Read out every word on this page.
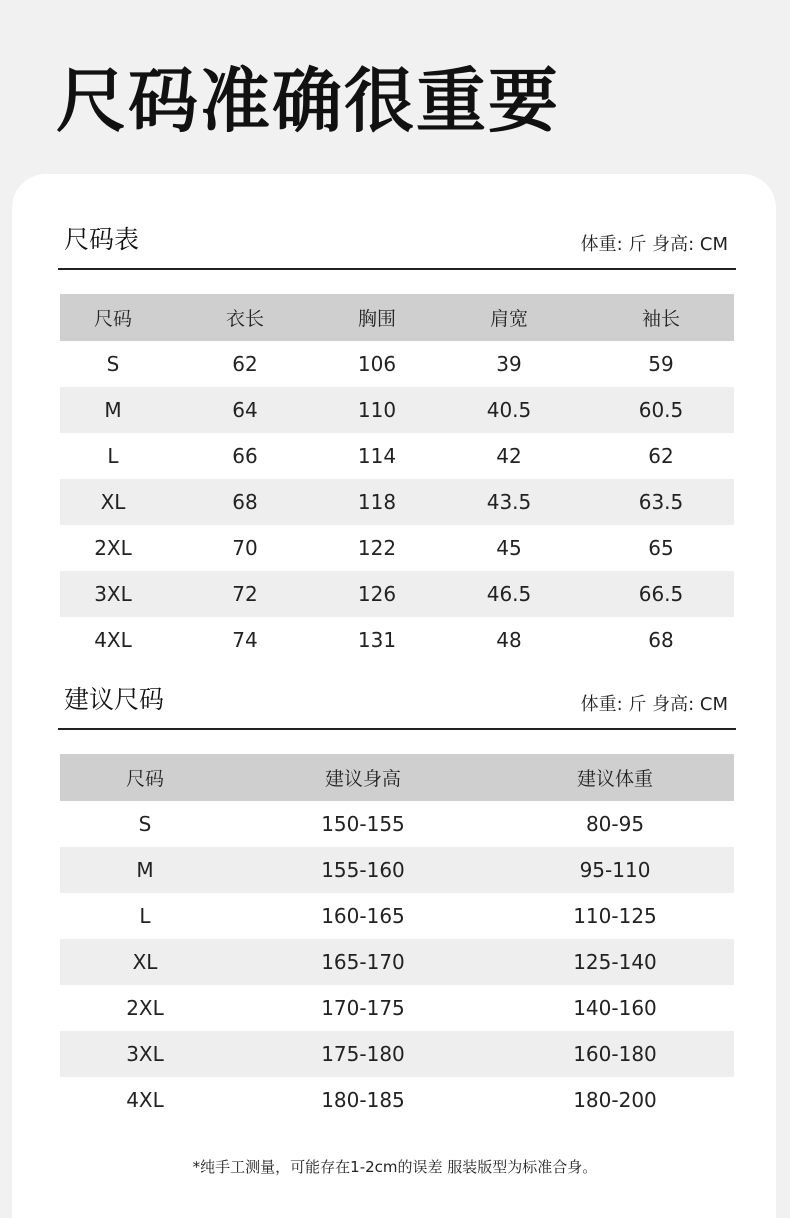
尺码准确很重要
尺码表	体重: 斤 身高: CM
尺码	衣长	胸围	肩宽	袖长
S	62	106	39	59
M	64	110	40.5	60.5
L	66	114	42	62
XL	68	118	43.5	63.5
2XL	70	122	45	65
3XL	72	126	46.5	66.5
4XL	74	131	48	68
建议尺码	体重: 斤 身高: CM
尺码	建议身高	建议体重
S	150-155	80-95
M	155-160	95-110
L	160-165	110-125
XL	165-170	125-140
2XL	170-175	140-160
3XL	175-180	160-180
4XL	180-185	180-200
*纯手工测量，可能存在1-2cm的误差 服装版型为标准合身。
